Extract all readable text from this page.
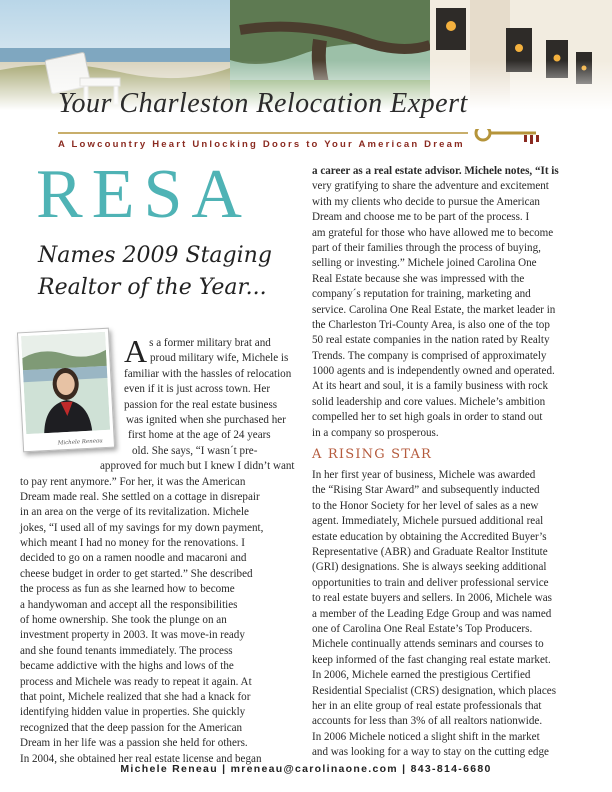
Your Charleston Relocation Expert
A Lowcountry Heart Unlocking Doors to Your American Dream
RESA
Names 2009 Staging
Realtor of the Year...
As a former military brat and
proud military wife, Michele is
familiar with the hassles of relocation
even if it is just across town. Her
passion for the real estate business
was ignited when she purchased her
first home at the age of 24 years
old. She says, “I wasn´t pre-
approved for much but I knew I didn’t want
to pay rent anymore.” For her, it was the American
Dream made real. She settled on a cottage in disrepair
in an area on the verge of its revitalization. Michele
jokes, “I used all of my savings for my down payment,
which meant I had no money for the renovations. I
decided to go on a ramen noodle and macaroni and
cheese budget in order to get started.” She described
the process as fun as she learned how to become
a handywoman and accept all the responsibilities
of home ownership. She took the plunge on an
investment property in 2003. It was move-in ready
and she found tenants immediately. The process
became addictive with the highs and lows of the
process and Michele was ready to repeat it again. At
that point, Michele realized that she had a knack for
identifying hidden value in properties. She quickly
recognized that the deep passion for the American
Dream in her life was a passion she held for others.
In 2004, she obtained her real estate license and began
Michele Reneau
a career as a real estate advisor. Michele notes, “It is
very gratifying to share the adventure and excitement
with my clients who decide to pursue the American
Dream and choose me to be part of the process. I
am grateful for those who have allowed me to become
part of their families through the process of buying,
selling or investing.” Michele joined Carolina One
Real Estate because she was impressed with the
company´s reputation for training, marketing and
service. Carolina One Real Estate, the market leader in
the Charleston Tri-County Area, is also one of the top
50 real estate companies in the nation rated by Realty
Trends. The company is comprised of approximately
1000 agents and is independently owned and operated.
At its heart and soul, it is a family business with rock
solid leadership and core values. Michele’s ambition
compelled her to set high goals in order to stand out
in a company so prosperous.
A RISING STAR
In her first year of business, Michele was awarded
the “Rising Star Award” and subsequently inducted
to the Honor Society for her level of sales as a new
agent. Immediately, Michele pursued additional real
estate education by obtaining the Accredited Buyer’s
Representative (ABR) and Graduate Realtor Institute
(GRI) designations. She is always seeking additional
opportunities to train and deliver professional service
to real estate buyers and sellers. In 2006, Michele was
a member of the Leading Edge Group and was named
one of Carolina One Real Estate’s Top Producers.
Michele continually attends seminars and courses to
keep informed of the fast changing real estate market.
In 2006, Michele earned the prestigious Certified
Residential Specialist (CRS) designation, which places
her in an elite group of real estate professionals that
accounts for less than 3% of all realtors nationwide.
In 2006 Michele noticed a slight shift in the market
and was looking for a way to stay on the cutting edge
Michele Reneau | mreneau@carolinaone.com | 843-814-6680
